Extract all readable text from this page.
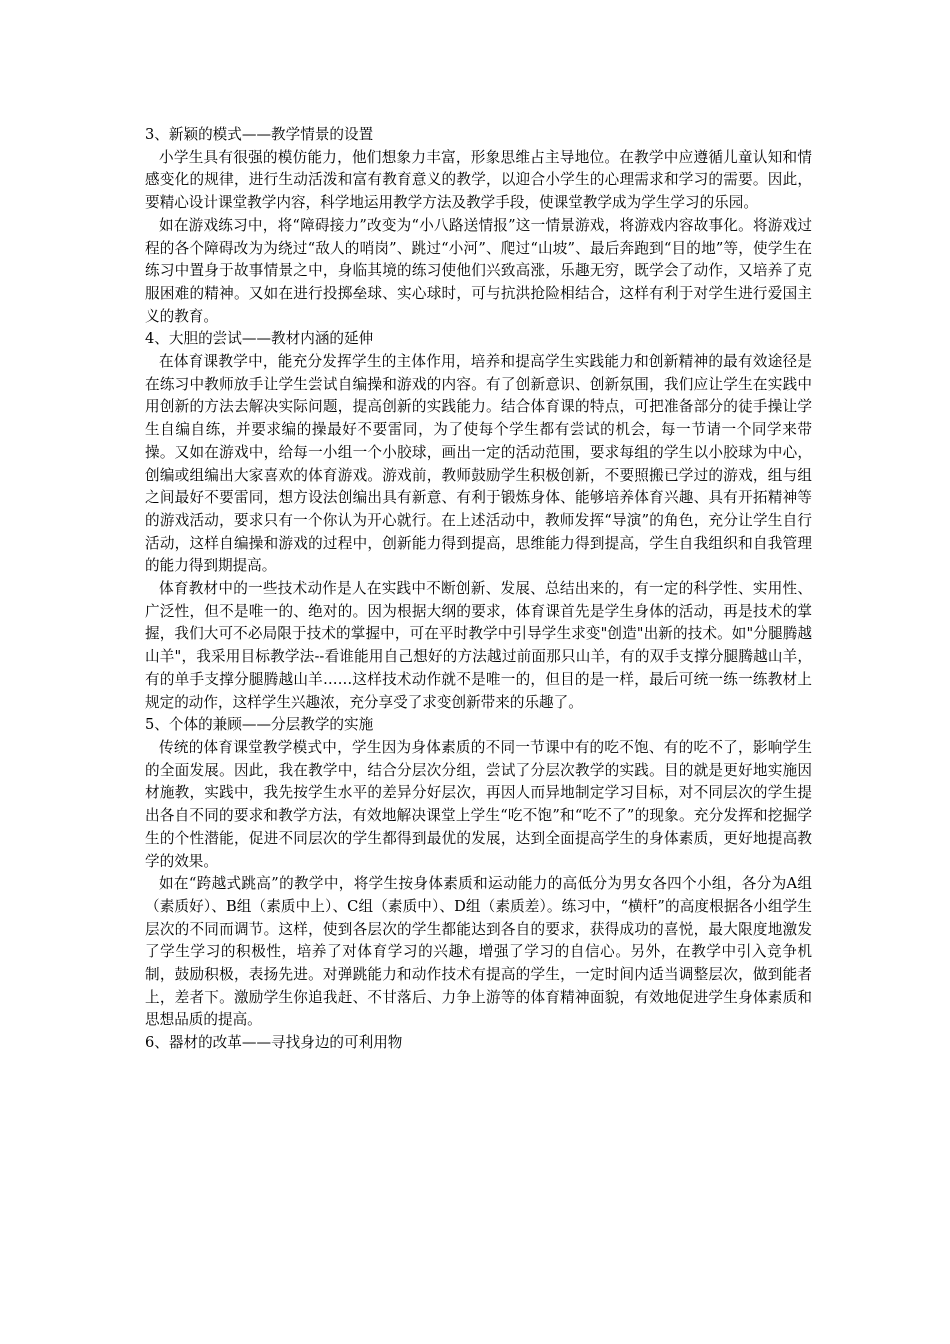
3、新颖的模式——教学情景的设置

小学生具有很强的模仿能力，他们想象力丰富，形象思维占主导地位。在教学中应遵循儿童认知和情感变化的规律，进行生动活泼和富有教育意义的教学，以迎合小学生的心理需求和学习的需要。因此，要精心设计课堂教学内容，科学地运用教学方法及教学手段，使课堂教学成为学生学习的乐园。

如在游戏练习中，将“障碍接力”改变为“小八路送情报”这一情景游戏，将游戏内容故事化。将游戏过程的各个障碍改为为绕过“敌人的哨岗”、跳过“小河”、爬过“山坡”、最后奔跑到“目的地”等，使学生在练习中置身于故事情景之中，身临其境的练习使他们兴致高涨，乐趣无穷，既学会了动作，又培养了克服困难的精神。又如在进行投掷垒球、实心球时，可与抗洪抢险相结合，这样有利于对学生进行爱国主义的教育。

4、大胆的尝试——教材内涵的延伸

在体育课教学中，能充分发挥学生的主体作用，培养和提高学生实践能力和创新精神的最有效途径是在练习中教师放手让学生尝试自编操和游戏的内容。有了创新意识、创新氛围，我们应让学生在实践中用创新的方法去解决实际问题，提高创新的实践能力。结合体育课的特点，可把准备部分的徒手操让学生自编自练，并要求编的操最好不要雷同，为了使每个学生都有尝试的机会，每一节请一个同学来带操。又如在游戏中，给每一小组一个小胶球，画出一定的活动范围，要求每组的学生以小胶球为中心，创编或组编出大家喜欢的体育游戏。游戏前，教师鼓励学生积极创新，不要照搬已学过的游戏，组与组之间最好不要雷同，想方设法创编出具有新意、有利于锻炼身体、能够培养体育兴趣、具有开拓精神等的游戏活动，要求只有一个你认为开心就行。在上述活动中，教师发挥“导演”的角色，充分让学生自行活动，这样自编操和游戏的过程中，创新能力得到提高，思维能力得到提高，学生自我组织和自我管理的能力得到期提高。

体育教材中的一些技术动作是人在实践中不断创新、发展、总结出来的，有一定的科学性、实用性、广泛性，但不是唯一的、绝对的。因为根据大纲的要求，体育课首先是学生身体的活动，再是技术的掌握，我们大可不必局限于技术的掌握中，可在平时教学中引导学生求变"创造"出新的技术。如"分腿腾越山羊"，我采用目标教学法--看谁能用自己想好的方法越过前面那只山羊，有的双手支撑分腿腾越山羊，有的单手支撑分腿腾越山羊……这样技术动作就不是唯一的，但目的是一样，最后可统一练一练教材上规定的动作，这样学生兴趣浓，充分享受了求变创新带来的乐趣了。

5、个体的兼顾——分层教学的实施

传统的体育课堂教学模式中，学生因为身体素质的不同一节课中有的吃不饱、有的吃不了，影响学生的全面发展。因此，我在教学中，结合分层次分组，尝试了分层次教学的实践。目的就是更好地实施因材施教，实践中，我先按学生水平的差异分好层次，再因人而异地制定学习目标，对不同层次的学生提出各自不同的要求和教学方法，有效地解决课堂上学生“吃不饱”和“吃不了”的现象。充分发挥和挖掘学生的个性潜能，促进不同层次的学生都得到最优的发展，达到全面提高学生的身体素质，更好地提高教学的效果。

如在“跨越式跳高”的教学中，将学生按身体素质和运动能力的高低分为男女各四个小组，各分为A组（素质好）、B组（素质中上）、C组（素质中）、D组（素质差）。练习中，“横杆”的高度根据各小组学生层次的不同而调节。这样，使到各层次的学生都能达到各自的要求，获得成功的喜悦，最大限度地激发了学生学习的积极性，培养了对体育学习的兴趣，增强了学习的自信心。另外，在教学中引入竞争机制，鼓励积极，表扬先进。对弹跳能力和动作技术有提高的学生，一定时间内适当调整层次，做到能者上，差者下。激励学生你追我赶、不甘落后、力争上游等的体育精神面貌，有效地促进学生身体素质和思想品质的提高。

6、器材的改革——寻找身边的可利用物
